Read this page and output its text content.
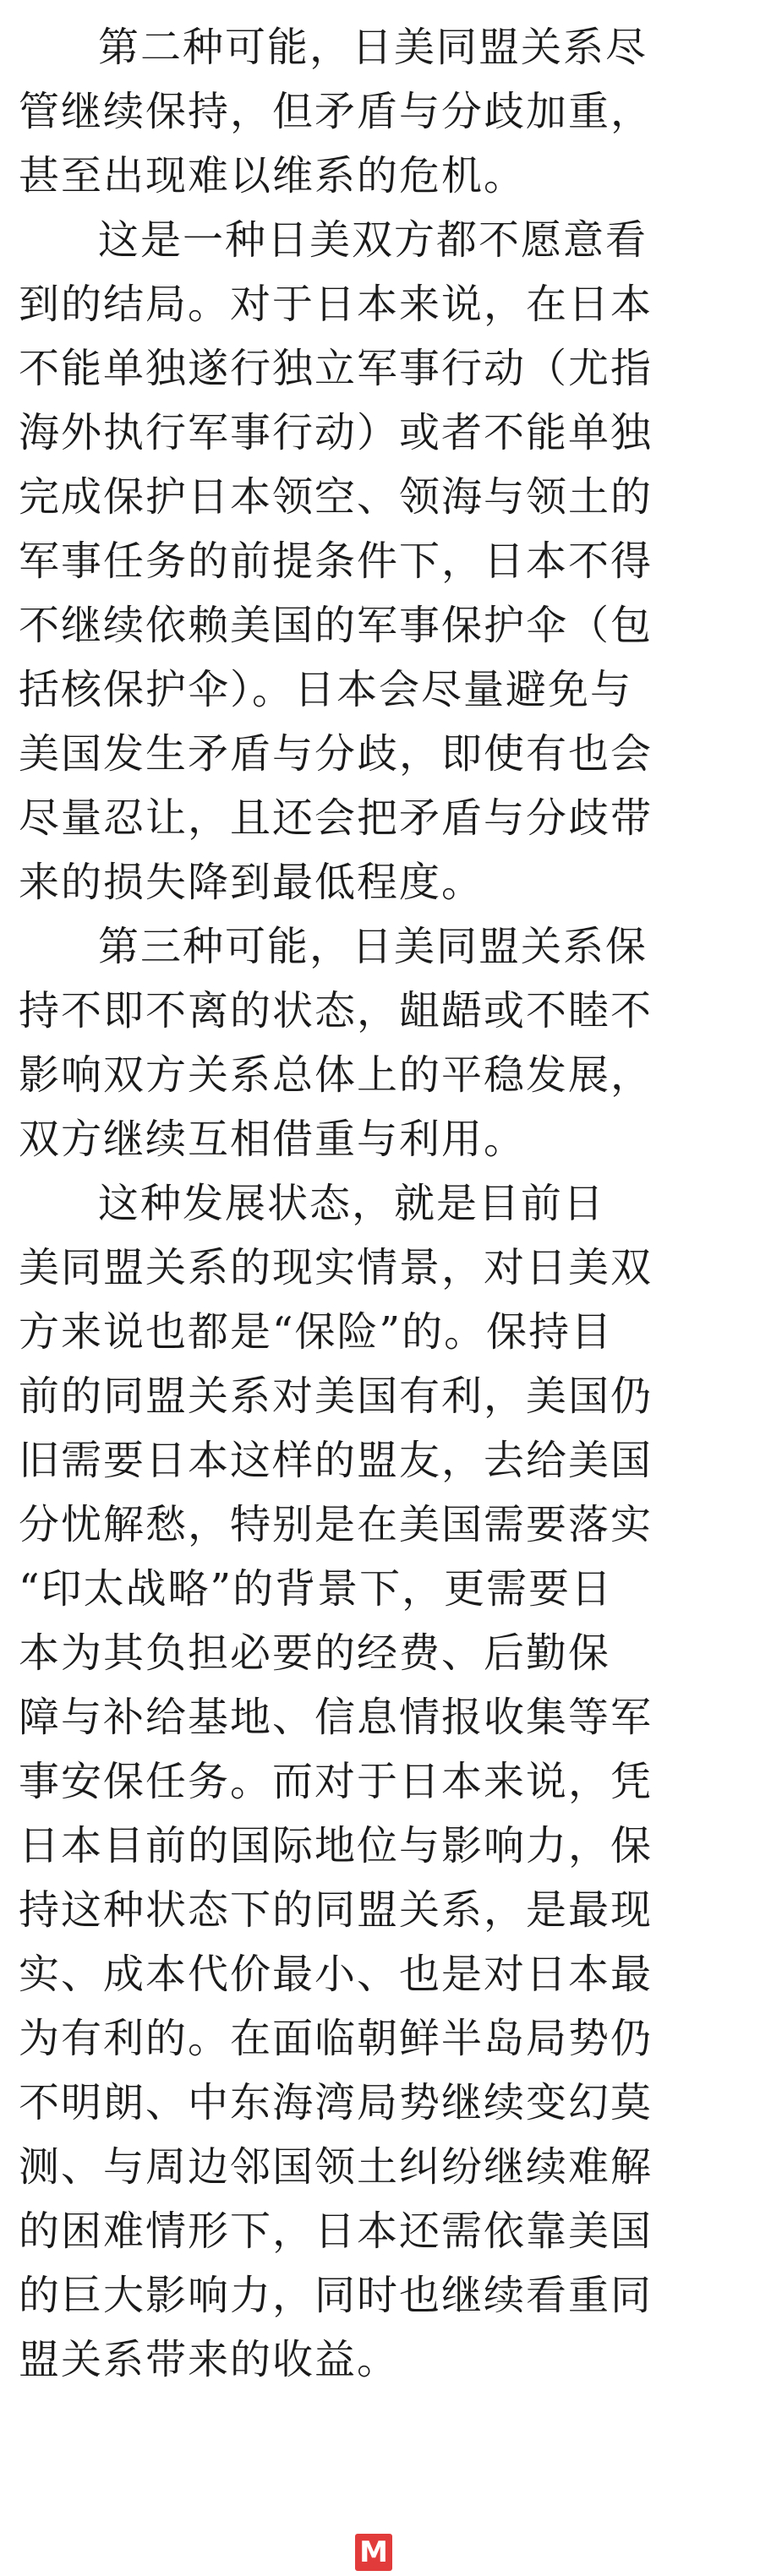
第二种可能，日美同盟关系尽
管继续保持，但矛盾与分歧加重，
甚至出现难以维系的危机。

这是一种日美双方都不愿意看
到的结局。对于日本来说，在日本
不能单独遂行独立军事行动（尤指
海外执行军事行动）或者不能单独
完成保护日本领空、领海与领土的
军事任务的前提条件下，日本不得
不继续依赖美国的军事保护伞（包
括核保护伞）。日本会尽量避免与
美国发生矛盾与分歧，即使有也会
尽量忍让，且还会把矛盾与分歧带
来的损失降到最低程度。

第三种可能，日美同盟关系保
持不即不离的状态，龃龉或不睦不
影响双方关系总体上的平稳发展，
双方继续互相借重与利用。

这种发展状态，就是目前日
美同盟关系的现实情景，对日美双
方来说也都是“保险”的。保持目
前的同盟关系对美国有利，美国仍
旧需要日本这样的盟友，去给美国
分忧解愁，特别是在美国需要落实
“印太战略”的背景下，更需要日
本为其负担必要的经费、后勤保
障与补给基地、信息情报收集等军
事安保任务。而对于日本来说，凭
日本目前的国际地位与影响力，保
持这种状态下的同盟关系，是最现
实、成本代价最小、也是对日本最
为有利的。在面临朝鲜半岛局势仍
不明朗、中东海湾局势继续变幻莫
测、与周边邻国领土纠纷继续难解
的困难情形下，日本还需依靠美国
的巨大影响力，同时也继续看重同
盟关系带来的收益。

M
